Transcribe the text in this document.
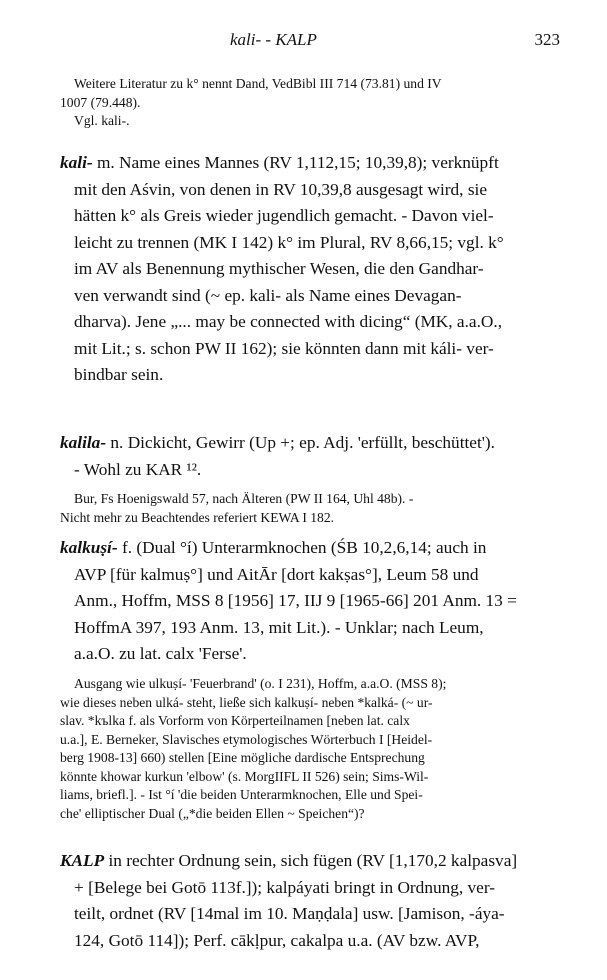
kali- - KALP	323
Weitere Literatur zu k° nennt Dand, VedBibl III 714 (73.81) und IV
1007 (79.448).
Vgl. kali-.
kali- m. Name eines Mannes (RV 1,112,15; 10,39,8); verknüpft
mit den Aśvin, von denen in RV 10,39,8 ausgesagt wird, sie
hätten k° als Greis wieder jugendlich gemacht. - Davon viel-
leicht zu trennen (MK I 142) k° im Plural, RV 8,66,15; vgl. k°
im AV als Benennung mythischer Wesen, die den Gandhar-
ven verwandt sind (~ ep. kali- als Name eines Devagan-
dharva). Jene „... may be connected with dicing“ (MK, a.a.O.,
mit Lit.; s. schon PW II 162); sie könnten dann mit káli- ver-
bindbar sein.
kalila- n. Dickicht, Gewirr (Up +; ep. Adj. 'erfüllt, beschüttet').
- Wohl zu KAR ¹².
Bur, Fs Hoenigswald 57, nach Älteren (PW II 164, Uhl 48b). -
Nicht mehr zu Beachtendes referiert KEWA I 182.
kalkuṣí- f. (Dual °í) Unterarmknochen (ŚB 10,2,6,14; auch in
AVP [für kalmuṣ°] und AitĀr [dort kakṣas°], Leum 58 und
Anm., Hoffm, MSS 8 [1956] 17, IIJ 9 [1965-66] 201 Anm. 13 =
HoffmA 397, 193 Anm. 13, mit Lit.). - Unklar; nach Leum,
a.a.O. zu lat. calx 'Ferse'.
Ausgang wie ulkuṣí- 'Feuerbrand' (o. I 231), Hoffm, a.a.O. (MSS 8);
wie dieses neben ulká- steht, ließe sich kalkuṣí- neben *kalká- (~ ur-
slav. *kъlka f. als Vorform von Körperteilnamen [neben lat. calx
u.a.], E. Berneker, Slavisches etymologisches Wörterbuch I [Heidel-
berg 1908-13] 660) stellen [Eine mögliche dardische Entsprechung
könnte khowar kurkun 'elbow' (s. MorgIIFL II 526) sein; Sims-Wil-
liams, briefl.]. - Ist °í 'die beiden Unterarmknochen, Elle und Spei-
che' elliptischer Dual („*die beiden Ellen ~ Speichen“)?
KALP in rechter Ordnung sein, sich fügen (RV [1,170,2 kalpasva]
+ [Belege bei Gotō 113f.]); kalpáyati bringt in Ordnung, ver-
teilt, ordnet (RV [14mal im 10. Maṇḍala] usw. [Jamison, -áya-
124, Gotō 114]); Perf. cākḷpur, cakalpa u.a. (AV bzw. AVP,
